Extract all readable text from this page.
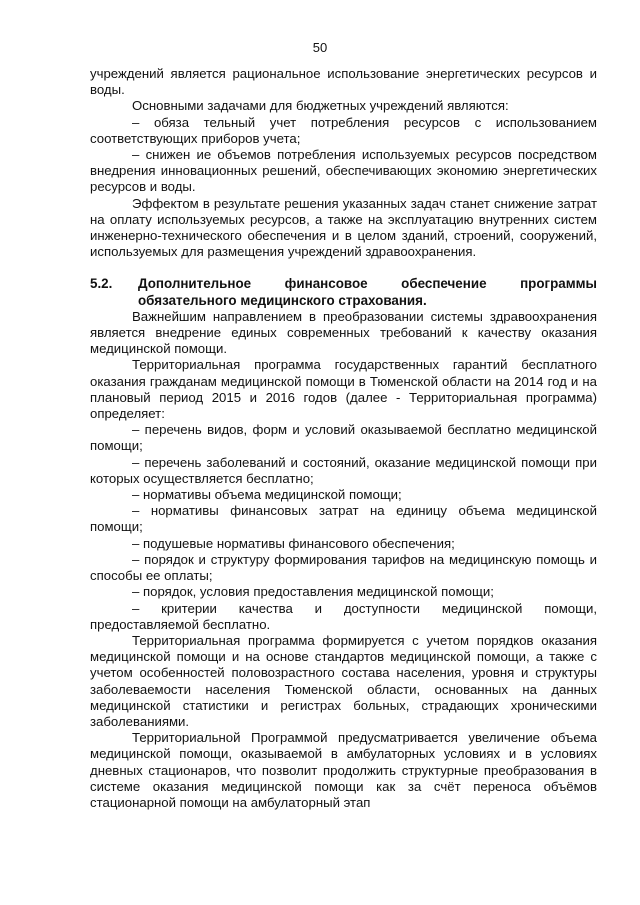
50

учреждений является рациональное использование энергетических ресурсов и воды.

Основными задачами для бюджетных учреждений являются:

– обяза тельный учет потребления ресурсов с использованием соответствующих приборов учета;

– снижен ие объемов потребления используемых ресурсов посредством внедрения инновационных решений, обеспечивающих экономию энергетических ресурсов и воды.

Эффектом в результате решения указанных задач станет снижение затрат на оплату используемых ресурсов, а также на эксплуатацию внутренних систем инженерно-технического обеспечения и в целом зданий, строений, сооружений, используемых для размещения учреждений здравоохранения.

5.2.	Дополнительное финансовое обеспечение программы обязательного медицинского страхования.

Важнейшим направлением в преобразовании системы здравоохранения является внедрение единых современных требований к качеству оказания медицинской помощи.

Территориальная программа государственных гарантий бесплатного оказания гражданам медицинской помощи в Тюменской области на 2014 год и на плановый период 2015 и 2016 годов (далее - Территориальная программа) определяет:

– перечень видов, форм и условий оказываемой бесплатно медицинской помощи;

– перечень заболеваний и состояний, оказание медицинской помощи при которых осуществляется бесплатно;

– нормативы объема медицинской помощи;

– нормативы финансовых затрат на единицу объема медицинской помощи;

– подушевые нормативы финансового обеспечения;

– порядок и структуру формирования тарифов на медицинскую помощь и способы ее оплаты;

– порядок, условия предоставления медицинской помощи;

– критерии качества и доступности медицинской помощи, предоставляемой бесплатно.

Территориальная программа формируется с учетом порядков оказания медицинской помощи и на основе стандартов медицинской помощи, а также с учетом особенностей половозрастного состава населения, уровня и структуры заболеваемости населения Тюменской области, основанных на данных медицинской статистики и регистрах больных, страдающих хроническими заболеваниями.

Территориальной Программой предусматривается увеличение объема медицинской помощи, оказываемой в амбулаторных условиях и в условиях дневных стационаров, что позволит продолжить структурные преобразования в системе оказания медицинской помощи как за счёт переноса объёмов стационарной помощи на амбулаторный этап
